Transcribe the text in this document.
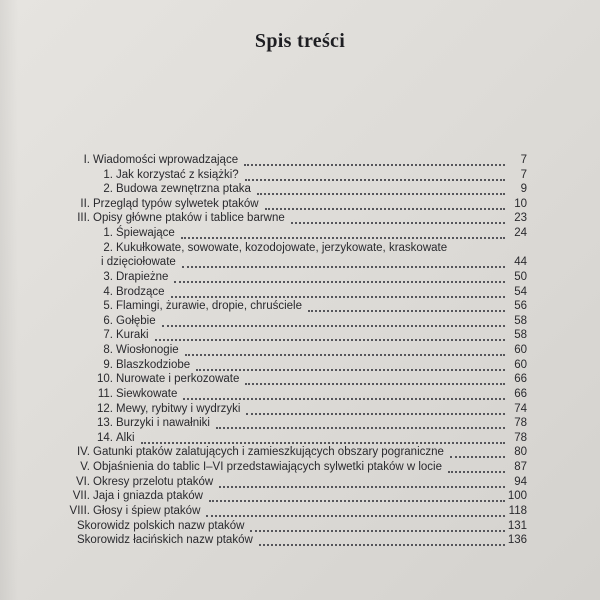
Spis treści
I. Wiadomości wprowadzające	7
1. Jak korzystać z książki?	7
2. Budowa zewnętrzna ptaka	9
II. Przegląd typów sylwetek ptaków	10
III. Opisy główne ptaków i tablice barwne	23
1. Śpiewające	24
2. Kukułkowate, sowowate, kozodojowate, jerzykowate, kraskowate
i dzięciołowate	44
3. Drapieżne	50
4. Brodzące	54
5. Flamingi, żurawie, dropie, chruściele	56
6. Gołębie	58
7. Kuraki	58
8. Wiosłonogie	60
9. Blaszkodziobe	60
10. Nurowate i perkozowate	66
11. Siewkowate	66
12. Mewy, rybitwy i wydrzyki	74
13. Burzyki i nawałniki	78
14. Alki	78
IV. Gatunki ptaków zalatujących i zamieszkujących obszary pograniczne	80
V. Objaśnienia do tablic I–VI przedstawiających sylwetki ptaków w locie	87
VI. Okresy przelotu ptaków	94
VII. Jaja i gniazda ptaków	100
VIII. Głosy i śpiew ptaków	118
Skorowidz polskich nazw ptaków	131
Skorowidz łacińskich nazw ptaków	136
